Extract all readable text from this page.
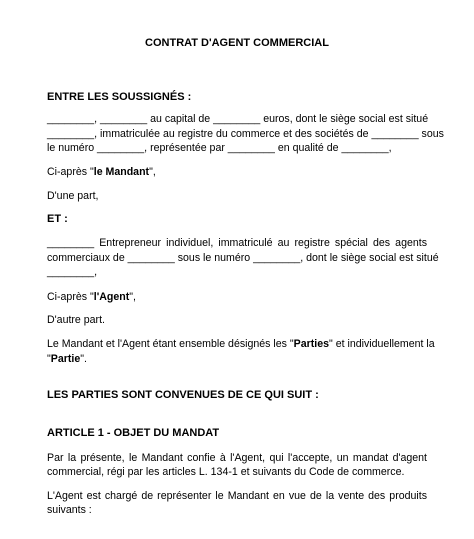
CONTRAT D'AGENT COMMERCIAL
ENTRE LES SOUSSIGNÉS :
________, ________ au capital de ________ euros, dont le siège social est situé
________, immatriculée au registre du commerce et des sociétés de ________ sous
le numéro ________, représentée par ________ en qualité de ________,
Ci-après "le Mandant",
D'une part,
ET :
________ Entrepreneur individuel, immatriculé au registre spécial des agents
commerciaux de ________ sous le numéro ________, dont le siège social est situé
________,
Ci-après "l'Agent",
D'autre part.
Le Mandant et l'Agent étant ensemble désignés les "Parties" et individuellement la
"Partie".
LES PARTIES SONT CONVENUES DE CE QUI SUIT :
ARTICLE 1 - OBJET DU MANDAT
Par la présente, le Mandant confie à l'Agent, qui l'accepte, un mandat d'agent
commercial, régi par les articles L. 134-1 et suivants du Code de commerce.
L'Agent est chargé de représenter le Mandant en vue de la vente des produits
suivants :
